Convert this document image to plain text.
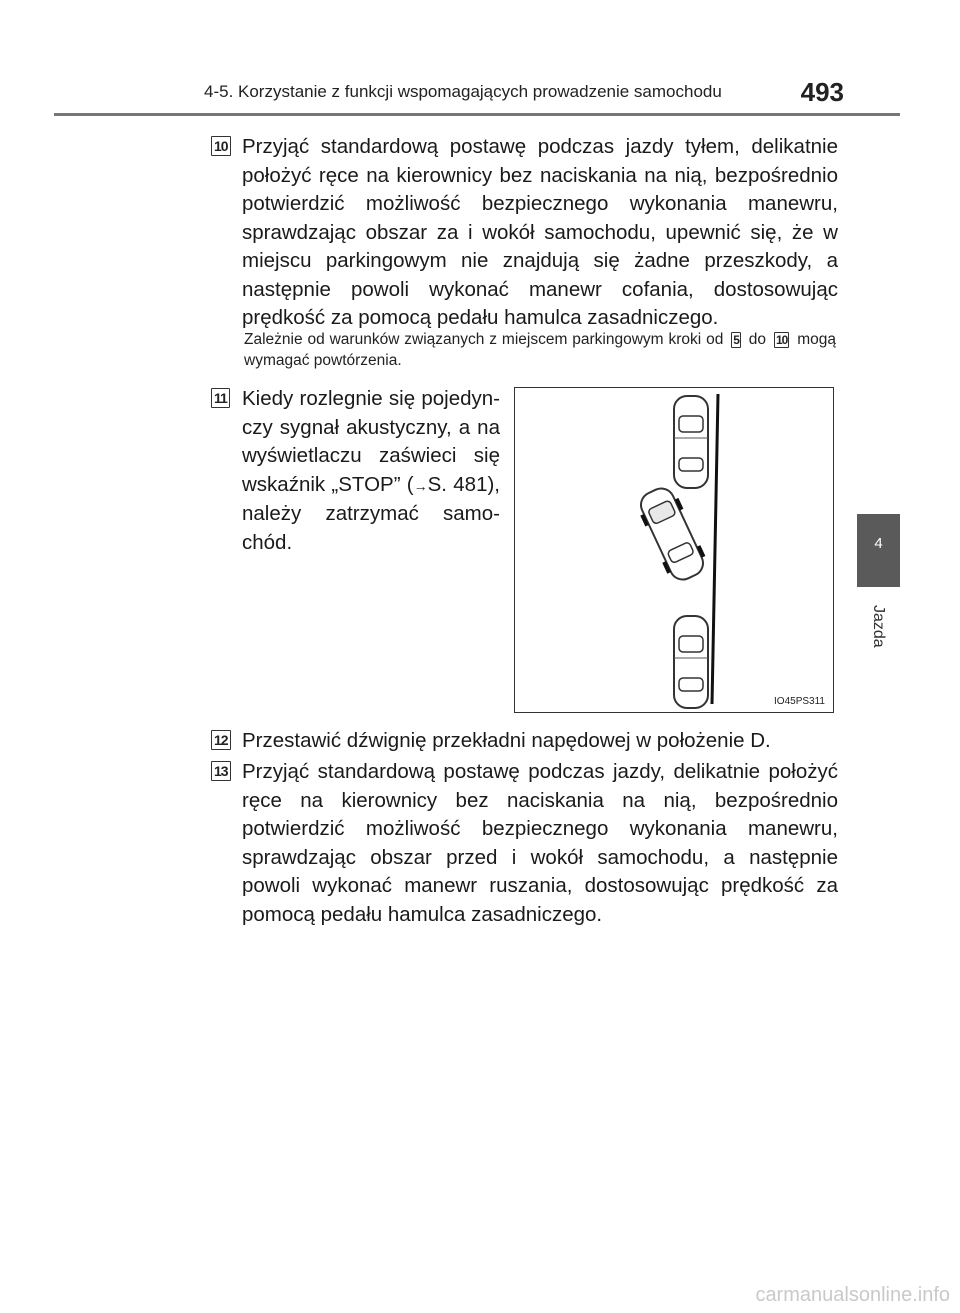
4-5. Korzystanie z funkcji wspomagających prowadzenie samochodu	493
4
Jazda
10 Przyjąć standardową postawę podczas jazdy tyłem, delikatnie położyć ręce na kierownicy bez naciskania na nią, bezpośrednio potwierdzić możliwość bezpiecznego wykonania manewru, sprawdzając obszar za i wokół samochodu, upewnić się, że w miejscu parkingowym nie znajdują się żadne przeszkody, a następnie powoli wykonać manewr cofania, dostosowując prędkość za pomocą pedału hamulca zasadniczego.
Zależnie od warunków związanych z miejscem parkingowym kroki od 5 do 10 mogą wymagać powtórzenia.
11 Kiedy rozlegnie się pojedynczy sygnał akustyczny, a na wyświetlaczu zaświeci się wskaźnik „STOP” (→S. 481), należy zatrzymać samochód.
IO45PS311
12 Przestawić dźwignię przekładni napędowej w położenie D.
13 Przyjąć standardową postawę podczas jazdy, delikatnie położyć ręce na kierownicy bez naciskania na nią, bezpośrednio potwierdzić możliwość bezpiecznego wykonania manewru, sprawdzając obszar przed i wokół samochodu, a następnie powoli wykonać manewr ruszania, dostosowując prędkość za pomocą pedału hamulca zasadniczego.
carmanualsonline.info
